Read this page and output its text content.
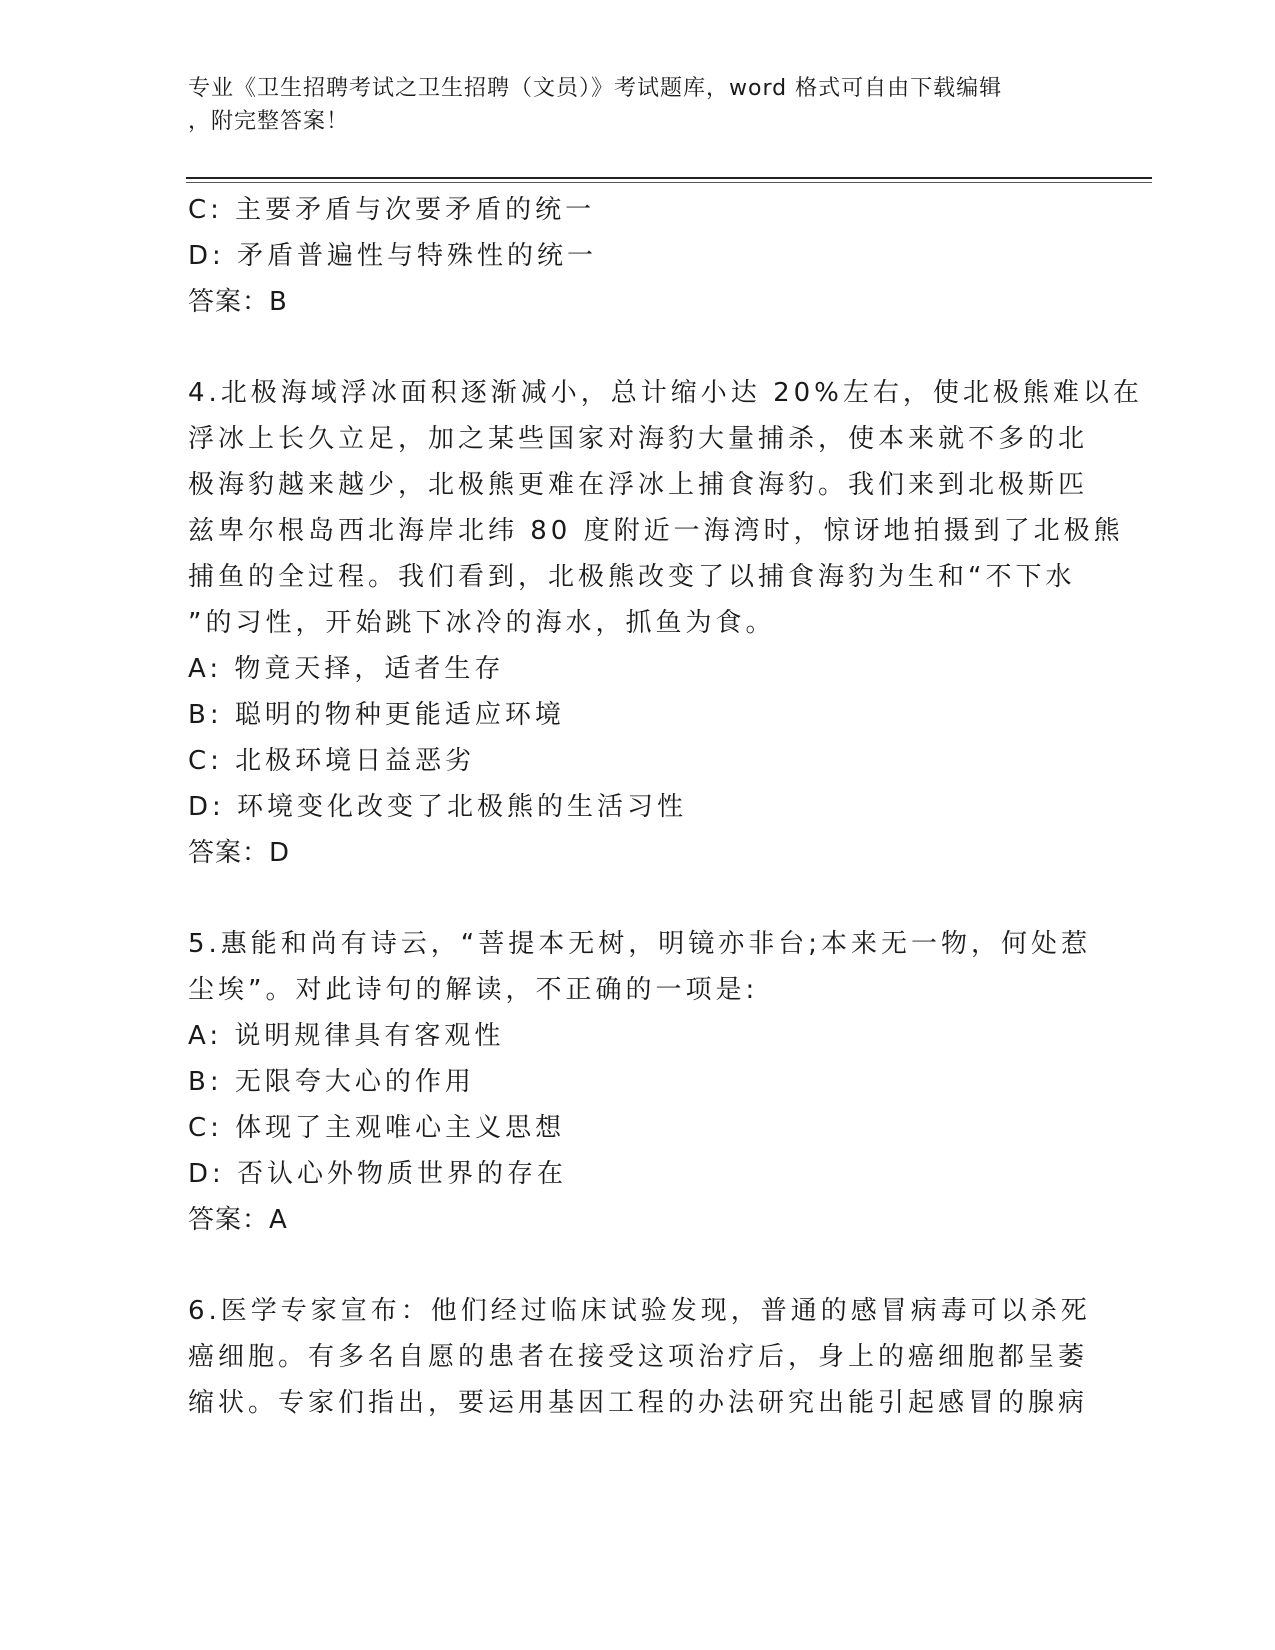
专业《卫生招聘考试之卫生招聘（文员）》考试题库，word 格式可自由下载编辑
，附完整答案！
C: 主要矛盾与次要矛盾的统一
D: 矛盾普遍性与特殊性的统一
答案：B
4.北极海域浮冰面积逐渐减小，总计缩小达 20%左右，使北极熊难以在
浮冰上长久立足，加之某些国家对海豹大量捕杀，使本来就不多的北
极海豹越来越少，北极熊更难在浮冰上捕食海豹。我们来到北极斯匹
兹卑尔根岛西北海岸北纬 80 度附近一海湾时，惊讶地拍摄到了北极熊
捕鱼的全过程。我们看到，北极熊改变了以捕食海豹为生和“不下水
”的习性，开始跳下冰冷的海水，抓鱼为食。
A: 物竟天择，适者生存
B: 聪明的物种更能适应环境
C: 北极环境日益恶劣
D: 环境变化改变了北极熊的生活习性
答案：D
5.惠能和尚有诗云，“菩提本无树，明镜亦非台;本来无一物，何处惹
尘埃”。对此诗句的解读，不正确的一项是:
A: 说明规律具有客观性
B: 无限夸大心的作用
C: 体现了主观唯心主义思想
D: 否认心外物质世界的存在
答案：A
6.医学专家宣布：他们经过临床试验发现，普通的感冒病毒可以杀死
癌细胞。有多名自愿的患者在接受这项治疗后，身上的癌细胞都呈萎
缩状。专家们指出，要运用基因工程的办法研究出能引起感冒的腺病
